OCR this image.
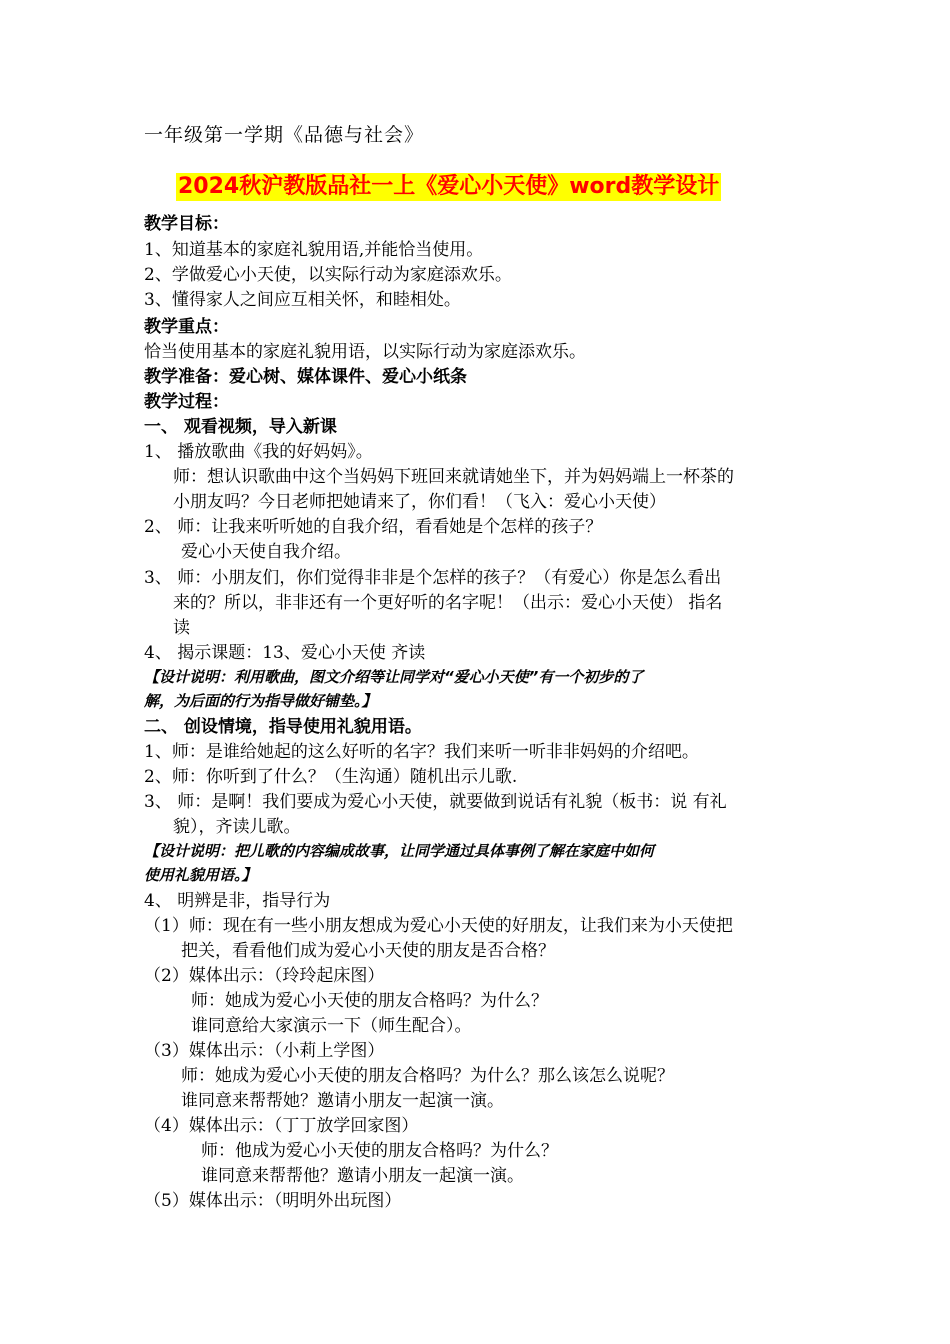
一年级第一学期《品德与社会》
2024秋沪教版品社一上《爱心小天使》word教学设计
教学目标：
1、知道基本的家庭礼貌用语,并能恰当使用。
2、学做爱心小天使，以实际行动为家庭添欢乐。
3、懂得家人之间应互相关怀，和睦相处。
教学重点：
恰当使用基本的家庭礼貌用语，以实际行动为家庭添欢乐。
教学准备：爱心树、媒体课件、爱心小纸条
教学过程：
一、 观看视频，导入新课
1、 播放歌曲《我的好妈妈》。
师：想认识歌曲中这个当妈妈下班回来就请她坐下，并为妈妈端上一杯茶的
小朋友吗？今日老师把她请来了，你们看！（飞入：爱心小天使）
2、 师：让我来听听她的自我介绍，看看她是个怎样的孩子？
爱心小天使自我介绍。
3、 师：小朋友们，你们觉得非非是个怎样的孩子？（有爱心）你是怎么看出
来的？所以，非非还有一个更好听的名字呢！（出示：爱心小天使） 指名
读
4、 揭示课题：13、爱心小天使 齐读
【设计说明：利用歌曲，图文介绍等让同学对“爱心小天使”有一个初步的了
解，为后面的行为指导做好铺垫。】
二、 创设情境，指导使用礼貌用语。
1、师：是谁给她起的这么好听的名字？我们来听一听非非妈妈的介绍吧。
2、师：你听到了什么？（生沟通）随机出示儿歌.
3、 师：是啊！我们要成为爱心小天使，就要做到说话有礼貌（板书：说 有礼
貌），齐读儿歌。
【设计说明：把儿歌的内容编成故事，让同学通过具体事例了解在家庭中如何
使用礼貌用语。】
4、 明辨是非，指导行为
（1）师：现在有一些小朋友想成为爱心小天使的好朋友，让我们来为小天使把
把关，看看他们成为爱心小天使的朋友是否合格？
（2）媒体出示：（玲玲起床图）
师：她成为爱心小天使的朋友合格吗？为什么？
谁同意给大家演示一下（师生配合）。
（3）媒体出示：（小莉上学图）
师：她成为爱心小天使的朋友合格吗？为什么？那么该怎么说呢？
谁同意来帮帮她？邀请小朋友一起演一演。
（4）媒体出示：（丁丁放学回家图）
师：他成为爱心小天使的朋友合格吗？为什么？
谁同意来帮帮他？邀请小朋友一起演一演。
（5）媒体出示：（明明外出玩图）
